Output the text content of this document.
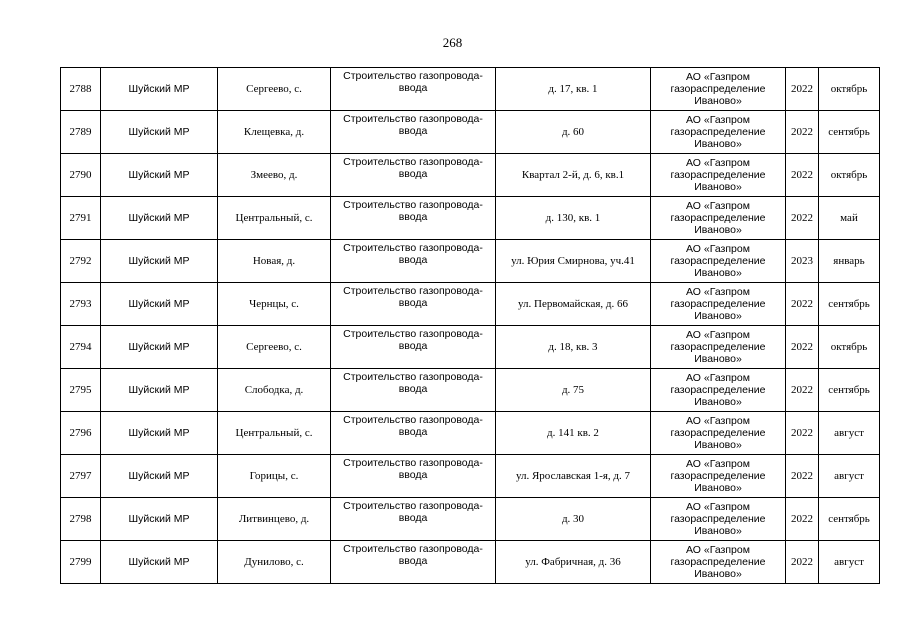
268
2788	Шуйский МР	Сергеево, с.	Строительство газопровода-ввода	д. 17, кв. 1	АО «Газпром газораспределение Иваново»	2022	октябрь
2789	Шуйский МР	Клещевка, д.	Строительство газопровода-ввода	д. 60	АО «Газпром газораспределение Иваново»	2022	сентябрь
2790	Шуйский МР	Змеево, д.	Строительство газопровода-ввода	Квартал 2-й, д. 6, кв.1	АО «Газпром газораспределение Иваново»	2022	октябрь
2791	Шуйский МР	Центральный, с.	Строительство газопровода-ввода	д. 130, кв. 1	АО «Газпром газораспределение Иваново»	2022	май
2792	Шуйский МР	Новая, д.	Строительство газопровода-ввода	ул. Юрия Смирнова, уч.41	АО «Газпром газораспределение Иваново»	2023	январь
2793	Шуйский МР	Чернцы, с.	Строительство газопровода-ввода	ул. Первомайская, д. 66	АО «Газпром газораспределение Иваново»	2022	сентябрь
2794	Шуйский МР	Сергеево, с.	Строительство газопровода-ввода	д. 18, кв. 3	АО «Газпром газораспределение Иваново»	2022	октябрь
2795	Шуйский МР	Слободка, д.	Строительство газопровода-ввода	д. 75	АО «Газпром газораспределение Иваново»	2022	сентябрь
2796	Шуйский МР	Центральный, с.	Строительство газопровода-ввода	д. 141 кв. 2	АО «Газпром газораспределение Иваново»	2022	август
2797	Шуйский МР	Горицы, с.	Строительство газопровода-ввода	ул. Ярославская 1-я, д. 7	АО «Газпром газораспределение Иваново»	2022	август
2798	Шуйский МР	Литвинцево, д.	Строительство газопровода-ввода	д. 30	АО «Газпром газораспределение Иваново»	2022	сентябрь
2799	Шуйский МР	Дунилово, с.	Строительство газопровода-ввода	ул. Фабричная, д. 36	АО «Газпром газораспределение Иваново»	2022	август
